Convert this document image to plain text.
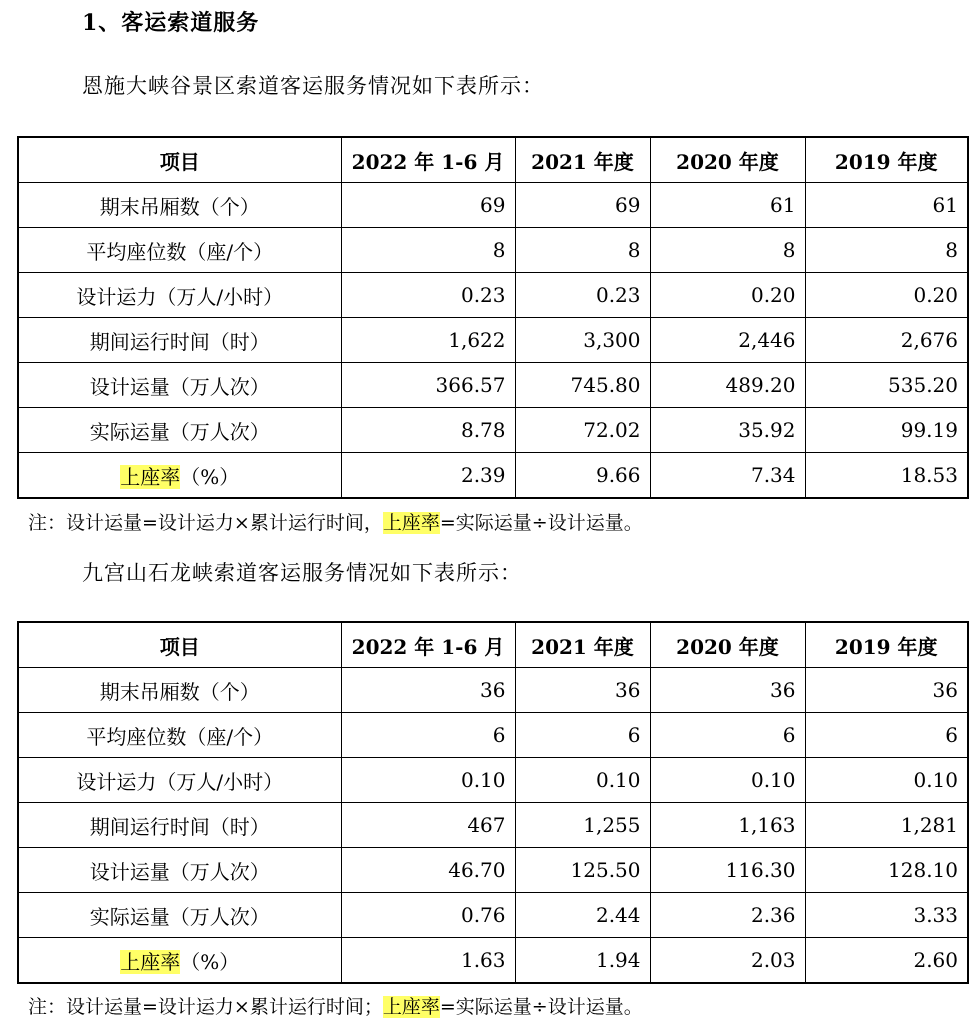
1、客运索道服务
恩施大峡谷景区索道客运服务情况如下表所示：
项目	2022 年 1-6 月	2021 年度	2020 年度	2019 年度
期末吊厢数（个）	69	69	61	61
平均座位数（座/个）	8	8	8	8
设计运力（万人/小时）	0.23	0.23	0.20	0.20
期间运行时间（时）	1,622	3,300	2,446	2,676
设计运量（万人次）	366.57	745.80	489.20	535.20
实际运量（万人次）	8.78	72.02	35.92	99.19
上座率（%）	2.39	9.66	7.34	18.53
注：设计运量=设计运力×累计运行时间，上座率=实际运量÷设计运量。
九宫山石龙峡索道客运服务情况如下表所示：
项目	2022 年 1-6 月	2021 年度	2020 年度	2019 年度
期末吊厢数（个）	36	36	36	36
平均座位数（座/个）	6	6	6	6
设计运力（万人/小时）	0.10	0.10	0.10	0.10
期间运行时间（时）	467	1,255	1,163	1,281
设计运量（万人次）	46.70	125.50	116.30	128.10
实际运量（万人次）	0.76	2.44	2.36	3.33
上座率（%）	1.63	1.94	2.03	2.60
注：设计运量=设计运力×累计运行时间；上座率=实际运量÷设计运量。
